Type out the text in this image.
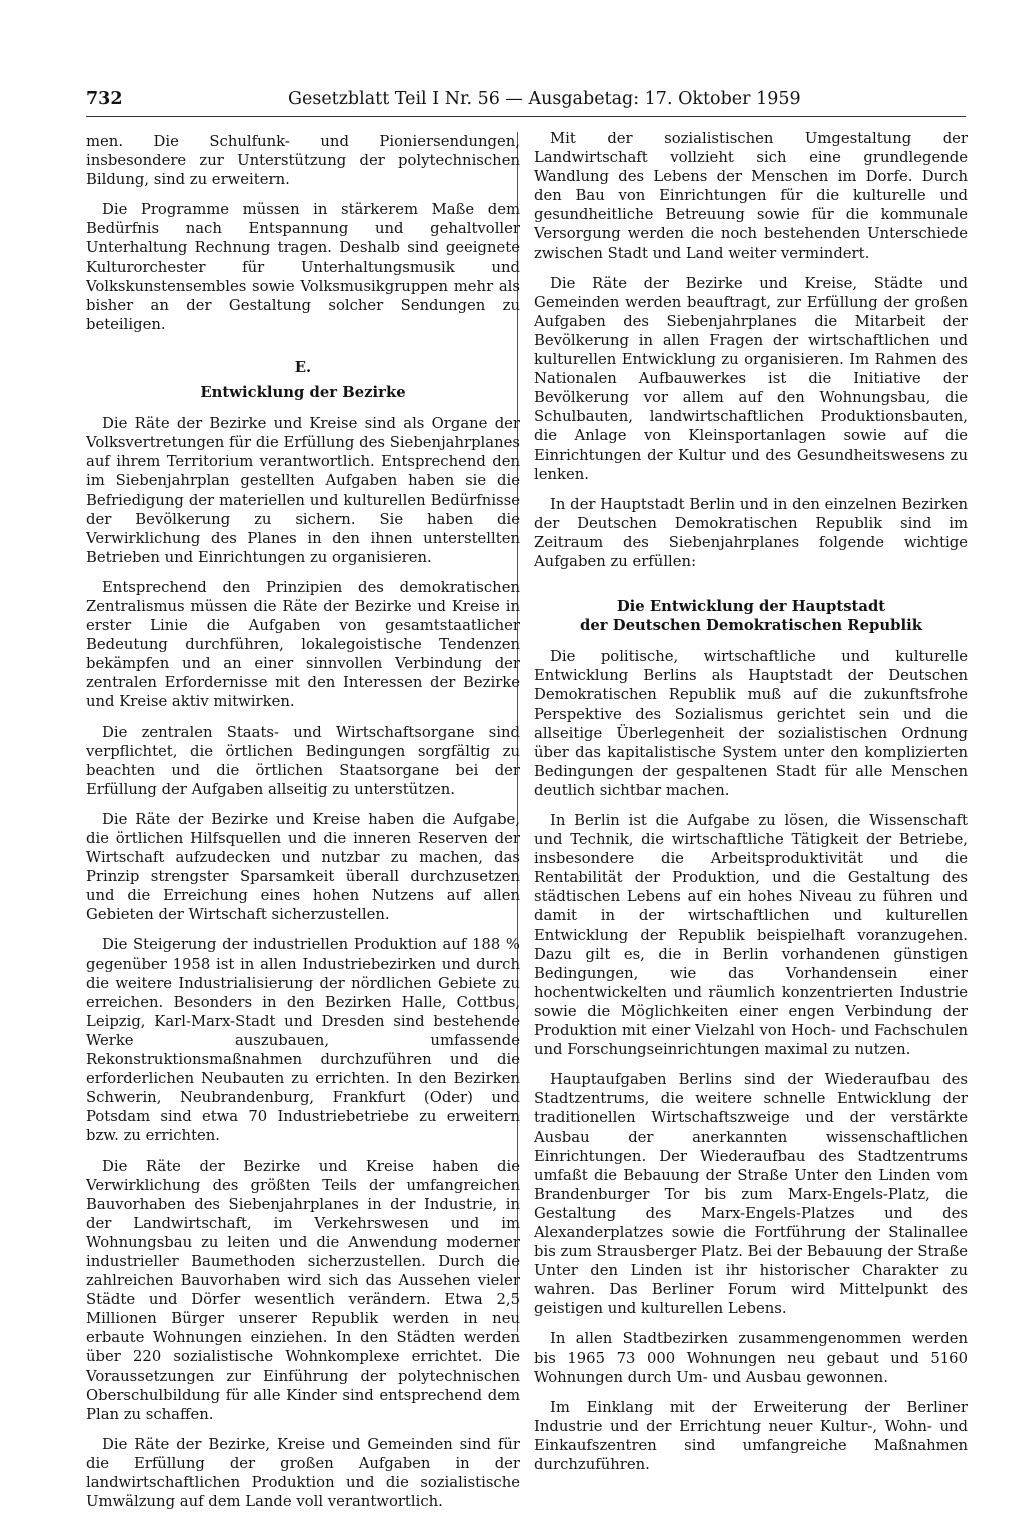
732	Gesetzblatt Teil I Nr. 56 — Ausgabetag: 17. Oktober 1959

men. Die Schulfunk- und Pioniersendungen, insbesondere zur Unterstützung der polytechnischen Bildung, sind zu erweitern.

Die Programme müssen in stärkerem Maße dem Bedürfnis nach Entspannung und gehaltvoller Unterhaltung Rechnung tragen. Deshalb sind geeignete Kulturorchester für Unterhaltungsmusik und Volkskunstensembles sowie Volksmusikgruppen mehr als bisher an der Gestaltung solcher Sendungen zu beteiligen.

E.
Entwicklung der Bezirke

Die Räte der Bezirke und Kreise sind als Organe der Volksvertretungen für die Erfüllung des Siebenjahrplanes auf ihrem Territorium verantwortlich. Entsprechend den im Siebenjahrplan gestellten Aufgaben haben sie die Befriedigung der materiellen und kulturellen Bedürfnisse der Bevölkerung zu sichern. Sie haben die Verwirklichung des Planes in den ihnen unterstellten Betrieben und Einrichtungen zu organisieren.

Entsprechend den Prinzipien des demokratischen Zentralismus müssen die Räte der Bezirke und Kreise in erster Linie die Aufgaben von gesamtstaatlicher Bedeutung durchführen, lokalegoistische Tendenzen bekämpfen und an einer sinnvollen Verbindung der zentralen Erfordernisse mit den Interessen der Bezirke und Kreise aktiv mitwirken.

Die zentralen Staats- und Wirtschaftsorgane sind verpflichtet, die örtlichen Bedingungen sorgfältig zu beachten und die örtlichen Staatsorgane bei der Erfüllung der Aufgaben allseitig zu unterstützen.

Die Räte der Bezirke und Kreise haben die Aufgabe, die örtlichen Hilfsquellen und die inneren Reserven der Wirtschaft aufzudecken und nutzbar zu machen, das Prinzip strengster Sparsamkeit überall durchzusetzen und die Erreichung eines hohen Nutzens auf allen Gebieten der Wirtschaft sicherzustellen.

Die Steigerung der industriellen Produktion auf 188 % gegenüber 1958 ist in allen Industriebezirken und durch die weitere Industrialisierung der nördlichen Gebiete zu erreichen. Besonders in den Bezirken Halle, Cottbus, Leipzig, Karl-Marx-Stadt und Dresden sind bestehende Werke auszubauen, umfassende Rekonstruktionsmaßnahmen durchzuführen und die erforderlichen Neubauten zu errichten. In den Bezirken Schwerin, Neubrandenburg, Frankfurt (Oder) und Potsdam sind etwa 70 Industriebetriebe zu erweitern bzw. zu errichten.

Die Räte der Bezirke und Kreise haben die Verwirklichung des größten Teils der umfangreichen Bauvorhaben des Siebenjahrplanes in der Industrie, in der Landwirtschaft, im Verkehrswesen und im Wohnungsbau zu leiten und die Anwendung moderner industrieller Baumethoden sicherzustellen. Durch die zahlreichen Bauvorhaben wird sich das Aussehen vieler Städte und Dörfer wesentlich verändern. Etwa 2,5 Millionen Bürger unserer Republik werden in neu erbaute Wohnungen einziehen. In den Städten werden über 220 sozialistische Wohnkomplexe errichtet. Die Voraussetzungen zur Einführung der polytechnischen Oberschulbildung für alle Kinder sind entsprechend dem Plan zu schaffen.

Die Räte der Bezirke, Kreise und Gemeinden sind für die Erfüllung der großen Aufgaben in der landwirtschaftlichen Produktion und die sozialistische Umwälzung auf dem Lande voll verantwortlich.

Mit der sozialistischen Umgestaltung der Landwirtschaft vollzieht sich eine grundlegende Wandlung des Lebens der Menschen im Dorfe. Durch den Bau von Einrichtungen für die kulturelle und gesundheitliche Betreuung sowie für die kommunale Versorgung werden die noch bestehenden Unterschiede zwischen Stadt und Land weiter vermindert.

Die Räte der Bezirke und Kreise, Städte und Gemeinden werden beauftragt, zur Erfüllung der großen Aufgaben des Siebenjahrplanes die Mitarbeit der Bevölkerung in allen Fragen der wirtschaftlichen und kulturellen Entwicklung zu organisieren. Im Rahmen des Nationalen Aufbauwerkes ist die Initiative der Bevölkerung vor allem auf den Wohnungsbau, die Schulbauten, landwirtschaftlichen Produktionsbauten, die Anlage von Kleinsportanlagen sowie auf die Einrichtungen der Kultur und des Gesundheitswesens zu lenken.

In der Hauptstadt Berlin und in den einzelnen Bezirken der Deutschen Demokratischen Republik sind im Zeitraum des Siebenjahrplanes folgende wichtige Aufgaben zu erfüllen:

Die Entwicklung der Hauptstadt
der Deutschen Demokratischen Republik

Die politische, wirtschaftliche und kulturelle Entwicklung Berlins als Hauptstadt der Deutschen Demokratischen Republik muß auf die zukunftsfrohe Perspektive des Sozialismus gerichtet sein und die allseitige Überlegenheit der sozialistischen Ordnung über das kapitalistische System unter den komplizierten Bedingungen der gespaltenen Stadt für alle Menschen deutlich sichtbar machen.

In Berlin ist die Aufgabe zu lösen, die Wissenschaft und Technik, die wirtschaftliche Tätigkeit der Betriebe, insbesondere die Arbeitsproduktivität und die Rentabilität der Produktion, und die Gestaltung des städtischen Lebens auf ein hohes Niveau zu führen und damit in der wirtschaftlichen und kulturellen Entwicklung der Republik beispielhaft voranzugehen. Dazu gilt es, die in Berlin vorhandenen günstigen Bedingungen, wie das Vorhandensein einer hochentwickelten und räumlich konzentrierten Industrie sowie die Möglichkeiten einer engen Verbindung der Produktion mit einer Vielzahl von Hoch- und Fachschulen und Forschungseinrichtungen maximal zu nutzen.

Hauptaufgaben Berlins sind der Wiederaufbau des Stadtzentrums, die weitere schnelle Entwicklung der traditionellen Wirtschaftszweige und der verstärkte Ausbau der anerkannten wissenschaftlichen Einrichtungen. Der Wiederaufbau des Stadtzentrums umfaßt die Bebauung der Straße Unter den Linden vom Brandenburger Tor bis zum Marx-Engels-Platz, die Gestaltung des Marx-Engels-Platzes und des Alexanderplatzes sowie die Fortführung der Stalinallee bis zum Strausberger Platz. Bei der Bebauung der Straße Unter den Linden ist ihr historischer Charakter zu wahren. Das Berliner Forum wird Mittelpunkt des geistigen und kulturellen Lebens.

In allen Stadtbezirken zusammengenommen werden bis 1965 73 000 Wohnungen neu gebaut und 5160 Wohnungen durch Um- und Ausbau gewonnen.

Im Einklang mit der Erweiterung der Berliner Industrie und der Errichtung neuer Kultur-, Wohn- und Einkaufszentren sind umfangreiche Maßnahmen durchzuführen.
